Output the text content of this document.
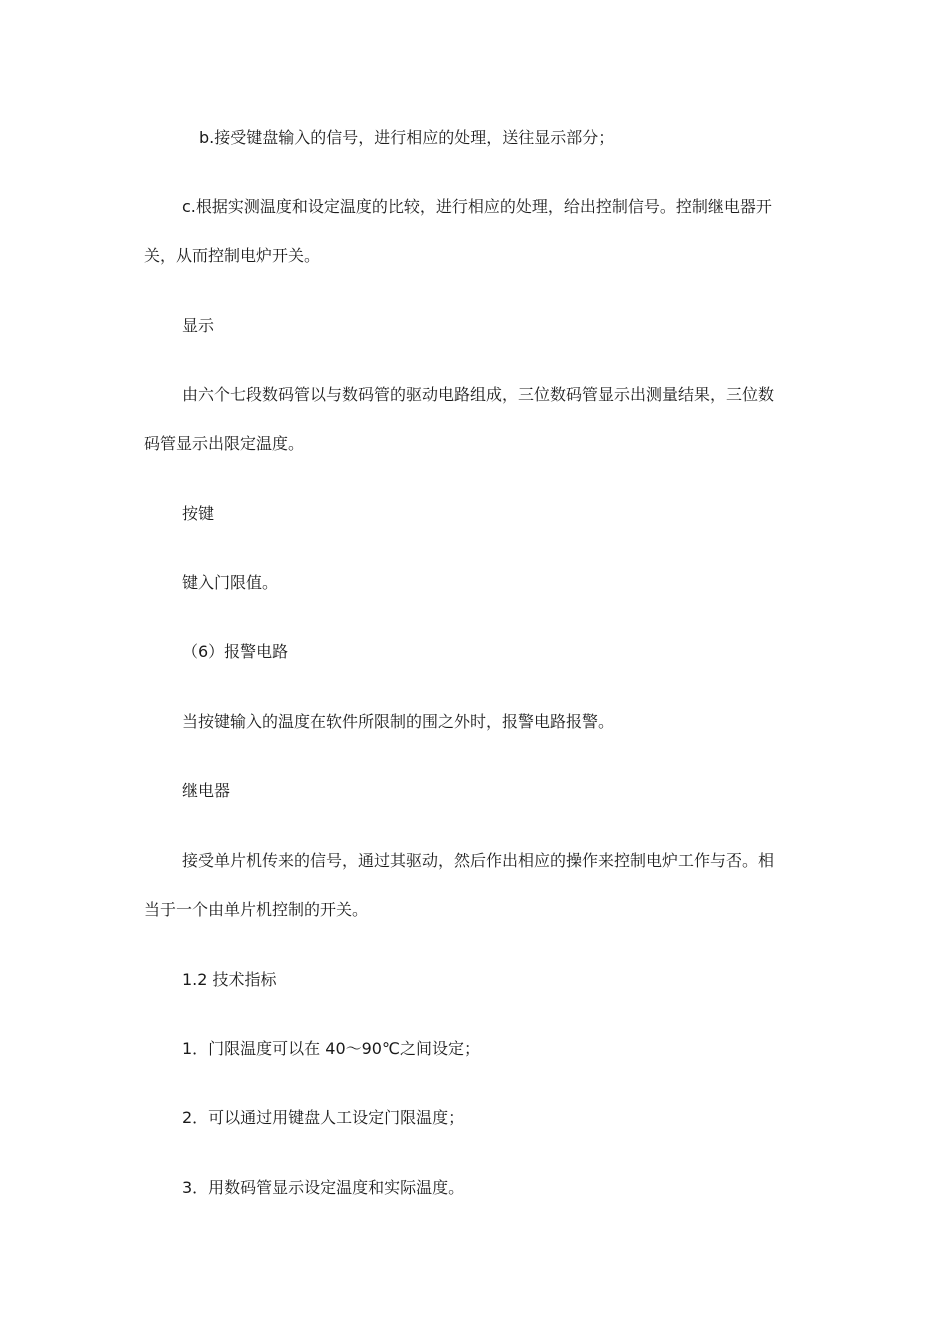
b.接受键盘输入的信号，进行相应的处理，送往显示部分；
c.根据实测温度和设定温度的比较，进行相应的处理，给出控制信号。控制继电器开
关，从而控制电炉开关。
显示
由六个七段数码管以与数码管的驱动电路组成，三位数码管显示出测量结果，三位数
码管显示出限定温度。
按键
键入门限值。
（6）报警电路
当按键输入的温度在软件所限制的围之外时，报警电路报警。
继电器
接受单片机传来的信号，通过其驱动，然后作出相应的操作来控制电炉工作与否。相
当于一个由单片机控制的开关。
1.2 技术指标
1．门限温度可以在 40～90℃之间设定；
2．可以通过用键盘人工设定门限温度；
3．用数码管显示设定温度和实际温度。
